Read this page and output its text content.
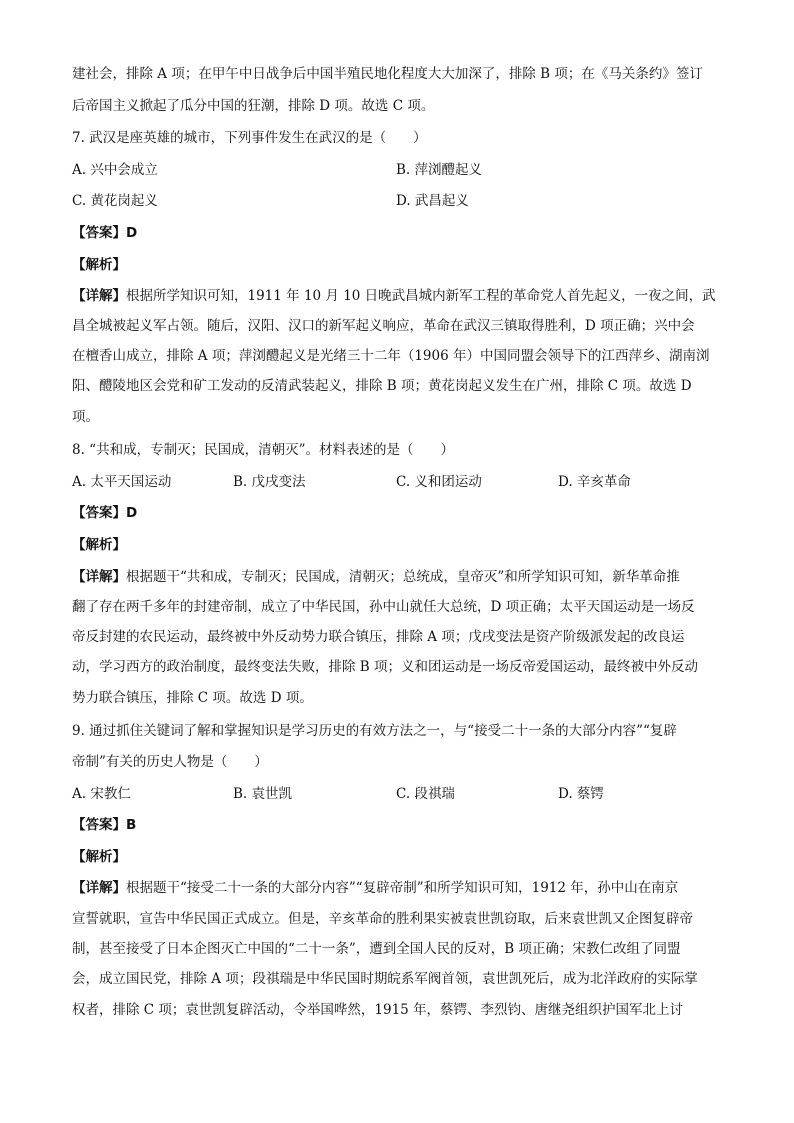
建社会，排除 A 项；在甲午中日战争后中国半殖民地化程度大大加深了，排除 B 项；在《马关条约》签订
后帝国主义掀起了瓜分中国的狂潮，排除 D 项。故选 C 项。
7. 武汉是座英雄的城市，下列事件发生在武汉的是（　　）
A. 兴中会成立	B. 萍浏醴起义
C. 黄花岗起义	D. 武昌起义
【答案】D
【解析】
【详解】根据所学知识可知，1911 年 10 月 10 日晚武昌城内新军工程的革命党人首先起义，一夜之间，武
昌全城被起义军占领。随后，汉阳、汉口的新军起义响应，革命在武汉三镇取得胜利，D 项正确；兴中会
在檀香山成立，排除 A 项；萍浏醴起义是光绪三十二年（1906 年）中国同盟会领导下的江西萍乡、湖南浏
阳、醴陵地区会党和矿工发动的反清武装起义，排除 B 项；黄花岗起义发生在广州，排除 C 项。故选 D
项。
8. “共和成，专制灭；民国成，清朝灭”。材料表述的是（　　）
A. 太平天国运动	B. 戊戌变法	C. 义和团运动	D. 辛亥革命
【答案】D
【解析】
【详解】根据题干“共和成，专制灭；民国成，清朝灭；总统成，皇帝灭”和所学知识可知，新华革命推
翻了存在两千多年的封建帝制，成立了中华民国，孙中山就任大总统，D 项正确；太平天国运动是一场反
帝反封建的农民运动，最终被中外反动势力联合镇压，排除 A 项；戊戌变法是资产阶级派发起的改良运
动，学习西方的政治制度，最终变法失败，排除 B 项；义和团运动是一场反帝爱国运动，最终被中外反动
势力联合镇压，排除 C 项。故选 D 项。
9. 通过抓住关键词了解和掌握知识是学习历史的有效方法之一，与“接受二十一条的大部分内容”“复辟
帝制”有关的历史人物是（　　）
A. 宋教仁	B. 袁世凯	C. 段祺瑞	D. 蔡锷
【答案】B
【解析】
【详解】根据题干“接受二十一条的大部分内容”“复辟帝制”和所学知识可知，1912 年，孙中山在南京
宣誓就职，宣告中华民国正式成立。但是，辛亥革命的胜利果实被袁世凯窃取，后来袁世凯又企图复辟帝
制，甚至接受了日本企图灭亡中国的“二十一条”，遭到全国人民的反对，B 项正确；宋教仁改组了同盟
会，成立国民党，排除 A 项；段祺瑞是中华民国时期皖系军阀首领，袁世凯死后，成为北洋政府的实际掌
权者，排除 C 项；袁世凯复辟活动，令举国哗然，1915 年，蔡锷、李烈钧、唐继尧组织护国军北上讨
